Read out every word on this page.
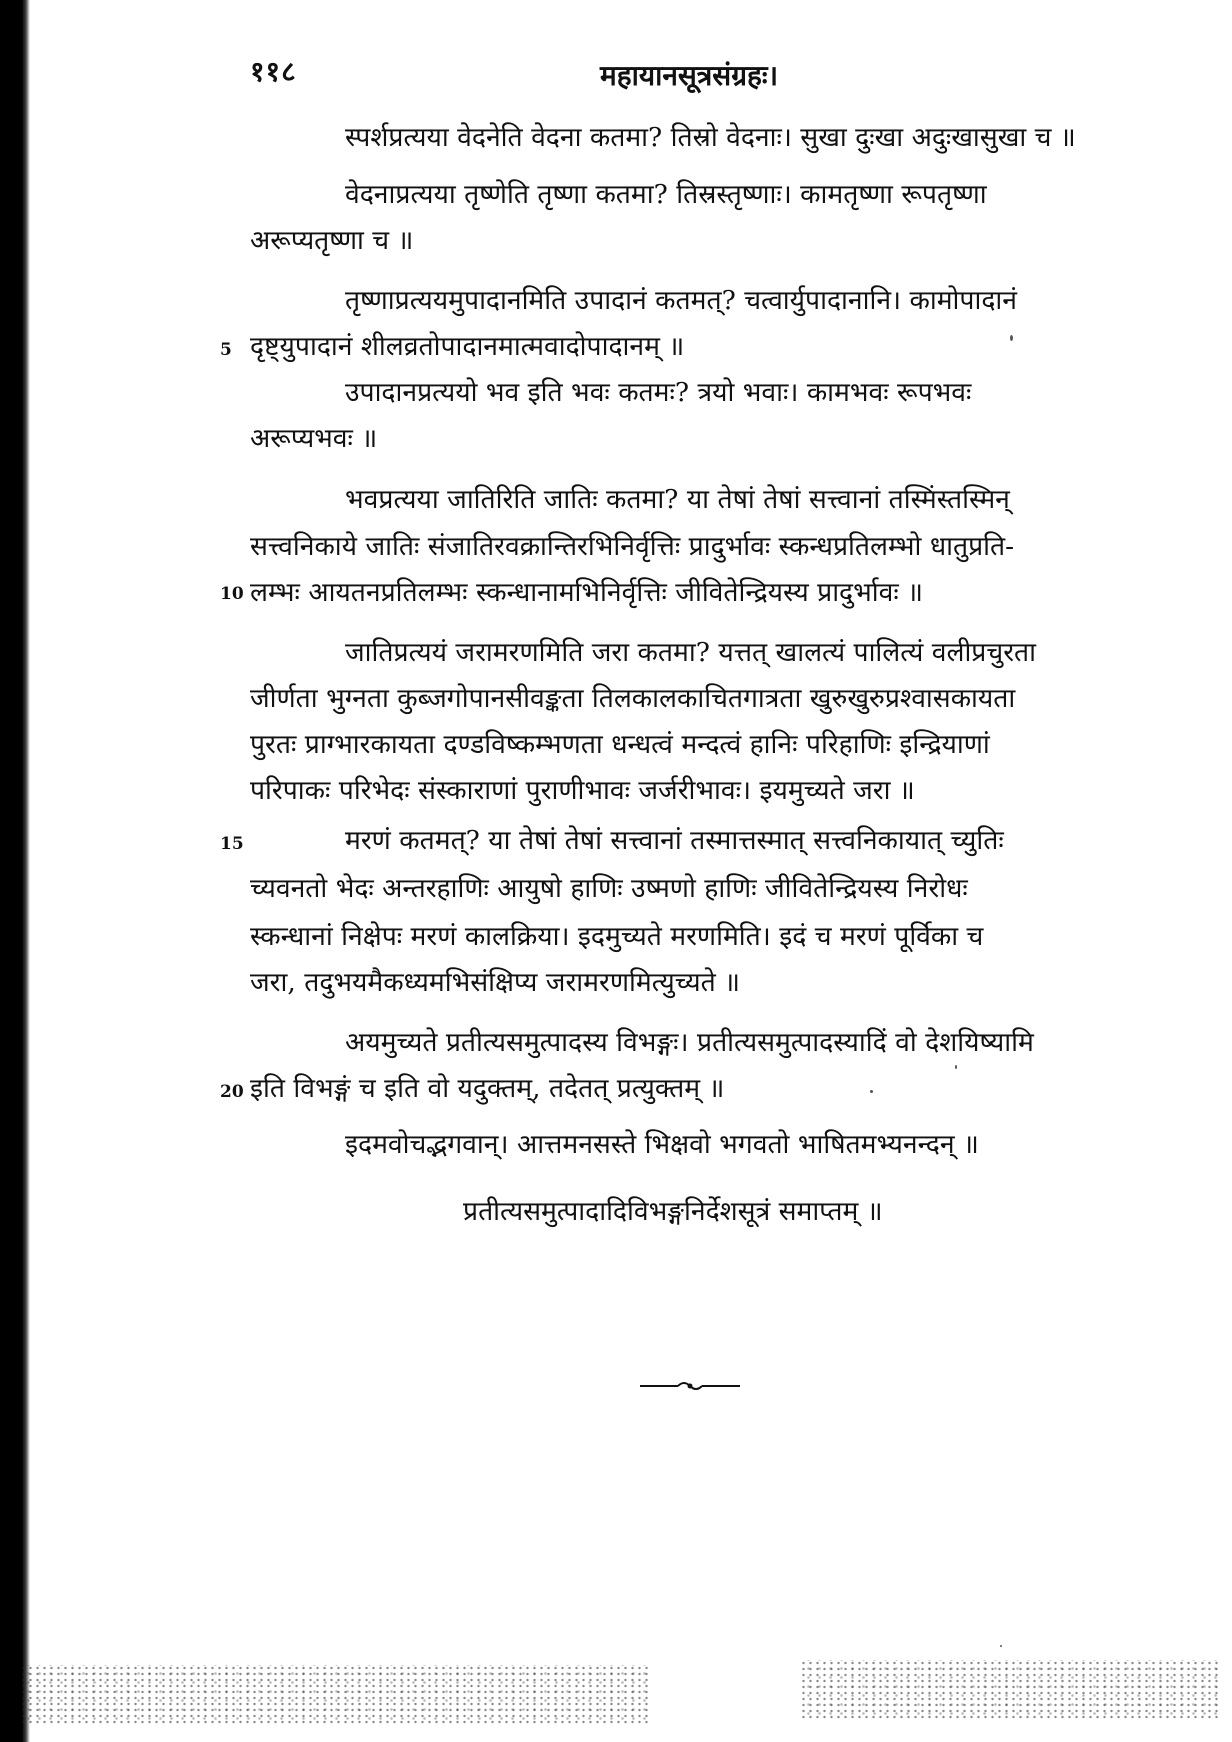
११८	महायानसूत्रसंग्रहः।
स्पर्शप्रत्यया वेदनेति वेदना कतमा? तिस्रो वेदनाः। सुखा दुःखा अदुःखासुखा च ॥
वेदनाप्रत्यया तृष्णेति तृष्णा कतमा? तिस्रस्तृष्णाः। कामतृष्णा रूपतृष्णा
अरूप्यतृष्णा च ॥
तृष्णाप्रत्ययमुपादानमिति उपादानं कतमत्? चत्वार्युपादानानि। कामोपादानं
5 दृष्ट्युपादानं शीलव्रतोपादानमात्मवादोपादानम् ॥
उपादानप्रत्ययो भव इति भवः कतमः? त्रयो भवाः। कामभवः रूपभवः
अरूप्यभवः ॥
भवप्रत्यया जातिरिति जातिः कतमा? या तेषां तेषां सत्त्वानां तस्मिंस्तस्मिन्
सत्त्वनिकाये जातिः संजातिरवक्रान्तिरभिनिर्वृत्तिः प्रादुर्भावः स्कन्धप्रतिलम्भो धातुप्रति-
10 लम्भः आयतनप्रतिलम्भः स्कन्धानामभिनिर्वृत्तिः जीवितेन्द्रियस्य प्रादुर्भावः ॥
जातिप्रत्ययं जरामरणमिति जरा कतमा? यत्तत् खालत्यं पालित्यं वलीप्रचुरता
जीर्णता भुग्नता कुब्जगोपानसीवङ्कता तिलकालकाचितगात्रता खुरुखुरुप्रश्वासकायता
पुरतः प्राग्भारकायता दण्डविष्कम्भणता धन्धत्वं मन्दत्वं हानिः परिहाणिः इन्द्रियाणां
परिपाकः परिभेदः संस्काराणां पुराणीभावः जर्जरीभावः। इयमुच्यते जरा ॥
15	मरणं कतमत्? या तेषां तेषां सत्त्वानां तस्मात्तस्मात् सत्त्वनिकायात् च्युतिः
च्यवनतो भेदः अन्तरहाणिः आयुषो हाणिः उष्मणो हाणिः जीवितेन्द्रियस्य निरोधः
स्कन्धानां निक्षेपः मरणं कालक्रिया। इदमुच्यते मरणमिति। इदं च मरणं पूर्विका च
जरा, तदुभयमैकध्यमभिसंक्षिप्य जरामरणमित्युच्यते ॥
अयमुच्यते प्रतीत्यसमुत्पादस्य विभङ्गः। प्रतीत्यसमुत्पादस्यादिं वो देशयिष्यामि
20 इति विभङ्गं च इति वो यदुक्तम्, तदेतत् प्रत्युक्तम् ॥
इदमवोचद्भगवान्। आत्तमनसस्ते भिक्षवो भगवतो भाषितमभ्यनन्दन् ॥
प्रतीत्यसमुत्पादादिविभङ्गनिर्देशसूत्रं समाप्तम् ॥
